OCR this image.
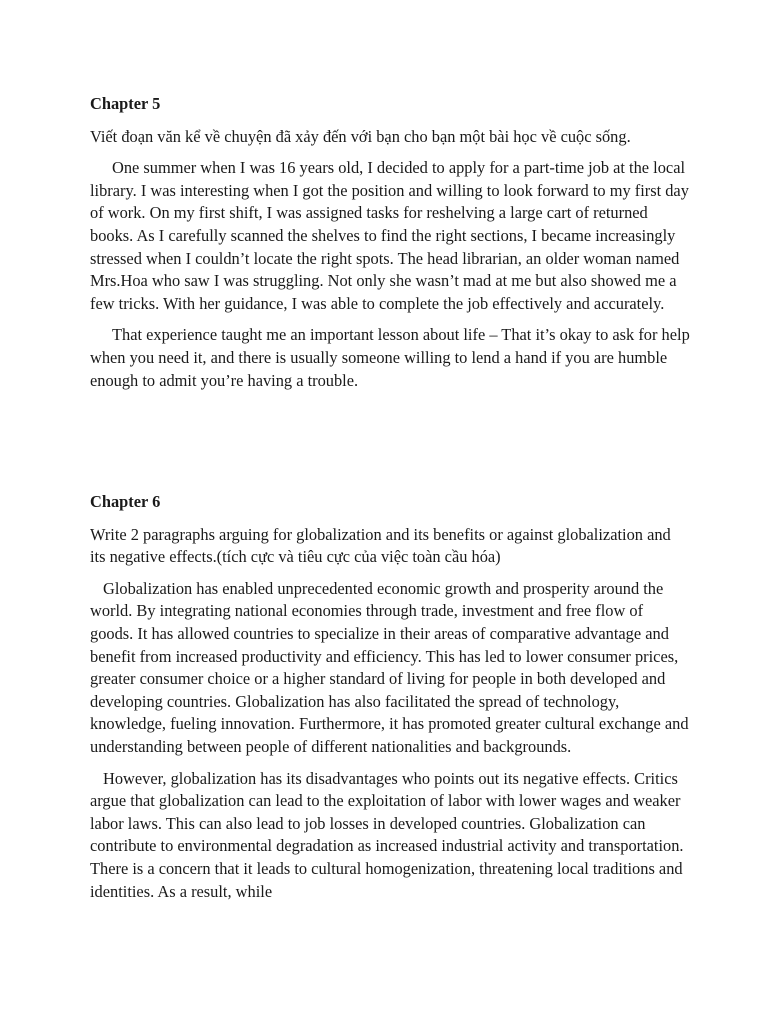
Chapter 5
Viết đoạn văn kể về chuyện đã xảy đến với bạn cho bạn một bài học về cuộc sống.
One summer when I was 16 years old, I decided to apply for a part-time job at the local library. I was interesting when I got the position and willing to look forward to my first day of work. On my first shift, I was assigned tasks for reshelving a large cart of returned books. As I carefully scanned the shelves to find the right sections, I became increasingly stressed when I couldn’t locate the right spots. The head librarian, an older woman named Mrs.Hoa who saw I was struggling. Not only she wasn’t mad at me but also showed me a few tricks. With her guidance, I was able to complete the job effectively and accurately.
That experience taught me an important lesson about life – That it’s okay to ask for help when you need it, and there is usually someone willing to lend a hand if you are humble enough to admit you’re having a trouble.
Chapter 6
Write 2 paragraphs arguing for globalization and its benefits or against globalization and its negative effects.(tích cực và tiêu cực của việc toàn cầu hóa)
Globalization has enabled unprecedented economic growth and prosperity around the world. By integrating national economies through trade, investment and free flow of goods. It has allowed countries to specialize in their areas of comparative advantage and benefit from increased productivity and efficiency. This has led to lower consumer prices, greater consumer choice or a higher standard of living for people in both developed and developing countries. Globalization has also facilitated the spread of technology, knowledge, fueling innovation. Furthermore, it has promoted greater cultural exchange and understanding between people of different nationalities and backgrounds.
However, globalization has its disadvantages who points out its negative effects. Critics argue that globalization can lead to the exploitation of labor with lower wages and weaker labor laws. This can also lead to job losses in developed countries. Globalization can contribute to environmental degradation as increased industrial activity and transportation. There is a concern that it leads to cultural homogenization, threatening local traditions and identities. As a result, while
